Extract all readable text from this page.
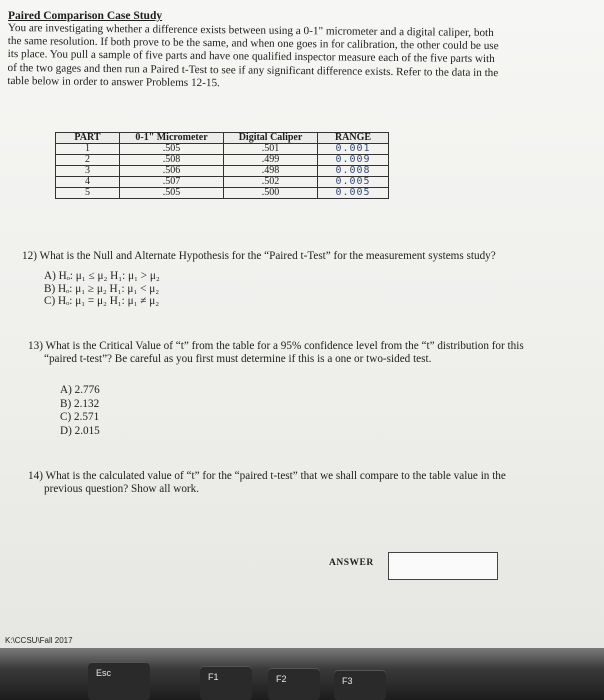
Paired Comparison Case Study

You are investigating whether a difference exists between using a 0-1" micrometer and a digital caliper, both

the same resolution. If both prove to be the same, and when one goes in for calibration, the other could be use

its place. You pull a sample of five parts and have one qualified inspector measure each of the five parts with

of the two gages and then run a Paired t-Test to see if any significant difference exists. Refer to the data in the

table below in order to answer Problems 12-15.

PART	0-1" Micrometer	Digital Caliper	RANGE
1	.505	.501	0.001
2	.508	.499	0.009
3	.506	.498	0.008
4	.507	.502	0.005
5	.505	.500	0.005

12) What is the Null and Alternate Hypothesis for the “Paired t-Test” for the measurement systems study?

A) Hₒ: μ₁ ≤ μ₂ H₁: μ₁ > μ₂
B) Hₒ: μ₁ ≥ μ₂ H₁: μ₁ < μ₂
C) Hₒ: μ₁ = μ₂ H₁: μ₁ ≠ μ₂

13) What is the Critical Value of “t” from the table for a 95% confidence level from the “t” distribution for this

“paired t-test”? Be careful as you first must determine if this is a one or two-sided test.

A) 2.776
B) 2.132
C) 2.571
D) 2.015

14) What is the calculated value of “t” for the “paired t-test” that we shall compare to the table value in the

previous question? Show all work.

ANSWER
K:\CCSU\Fall 2017
Esc	F1	F2	F3
